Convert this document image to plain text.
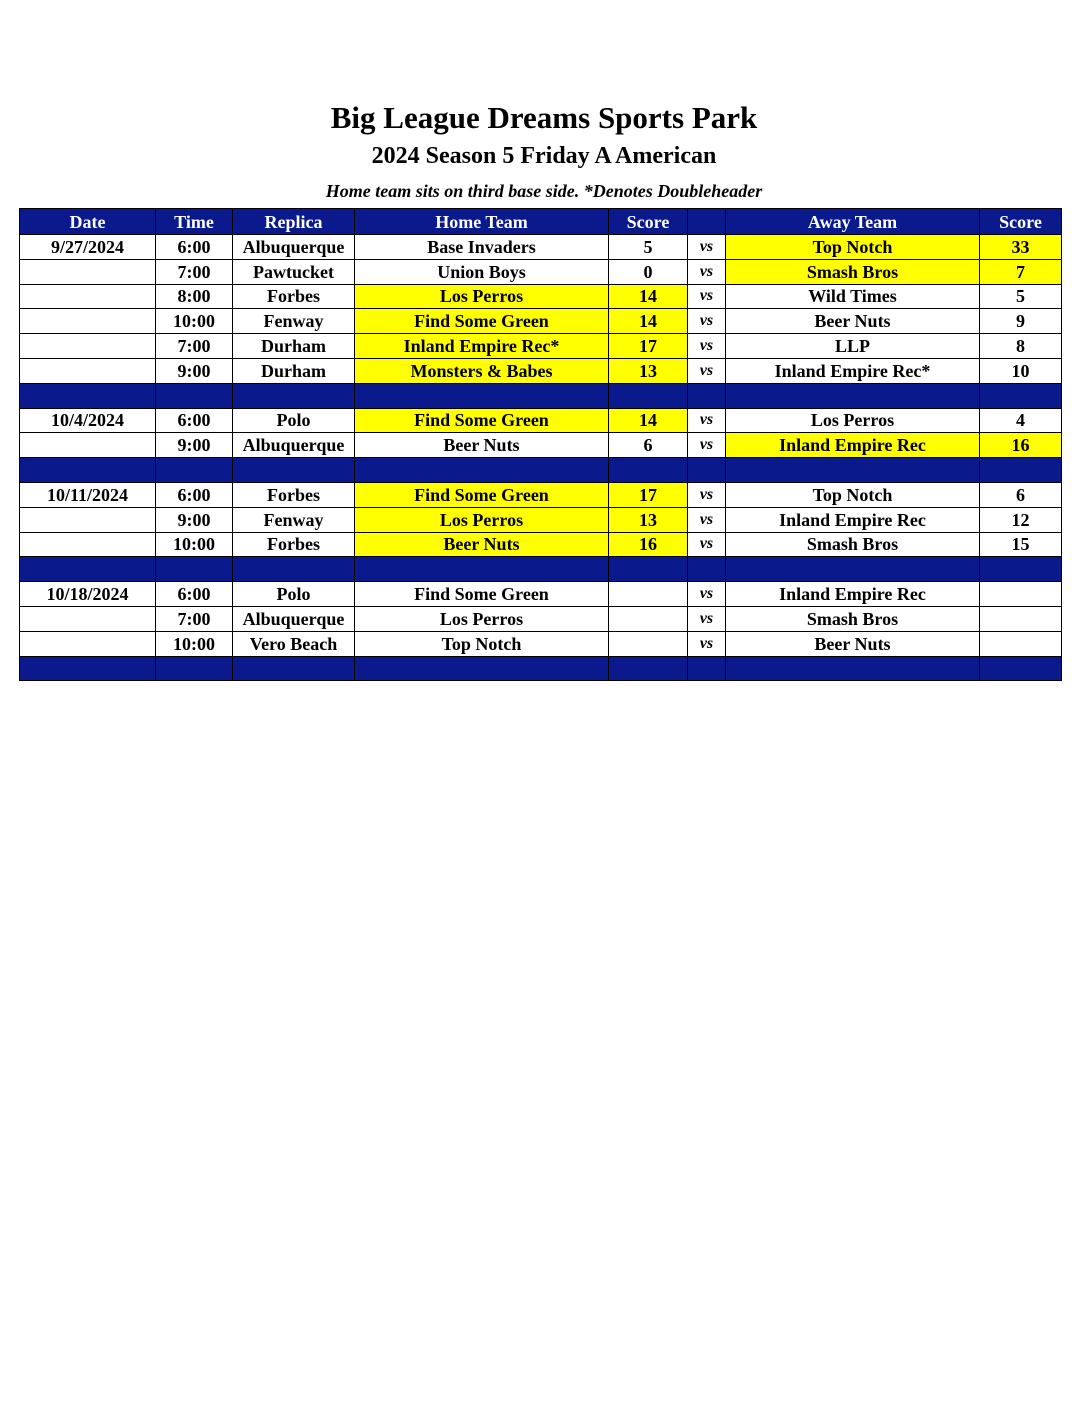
Big League Dreams Sports Park
2024 Season 5 Friday A American
Home team sits on third base side. *Denotes Doubleheader
Date	Time	Replica	Home Team	Score		Away Team	Score
9/27/2024	6:00	Albuquerque	Base Invaders	5	vs	Top Notch	33
	7:00	Pawtucket	Union Boys	0	vs	Smash Bros	7
	8:00	Forbes	Los Perros	14	vs	Wild Times	5
	10:00	Fenway	Find Some Green	14	vs	Beer Nuts	9
	7:00	Durham	Inland Empire Rec*	17	vs	LLP	8
	9:00	Durham	Monsters & Babes	13	vs	Inland Empire Rec*	10

10/4/2024	6:00	Polo	Find Some Green	14	vs	Los Perros	4
	9:00	Albuquerque	Beer Nuts	6	vs	Inland Empire Rec	16

10/11/2024	6:00	Forbes	Find Some Green	17	vs	Top Notch	6
	9:00	Fenway	Los Perros	13	vs	Inland Empire Rec	12
	10:00	Forbes	Beer Nuts	16	vs	Smash Bros	15

10/18/2024	6:00	Polo	Find Some Green		vs	Inland Empire Rec	
	7:00	Albuquerque	Los Perros		vs	Smash Bros	
	10:00	Vero Beach	Top Notch		vs	Beer Nuts	
